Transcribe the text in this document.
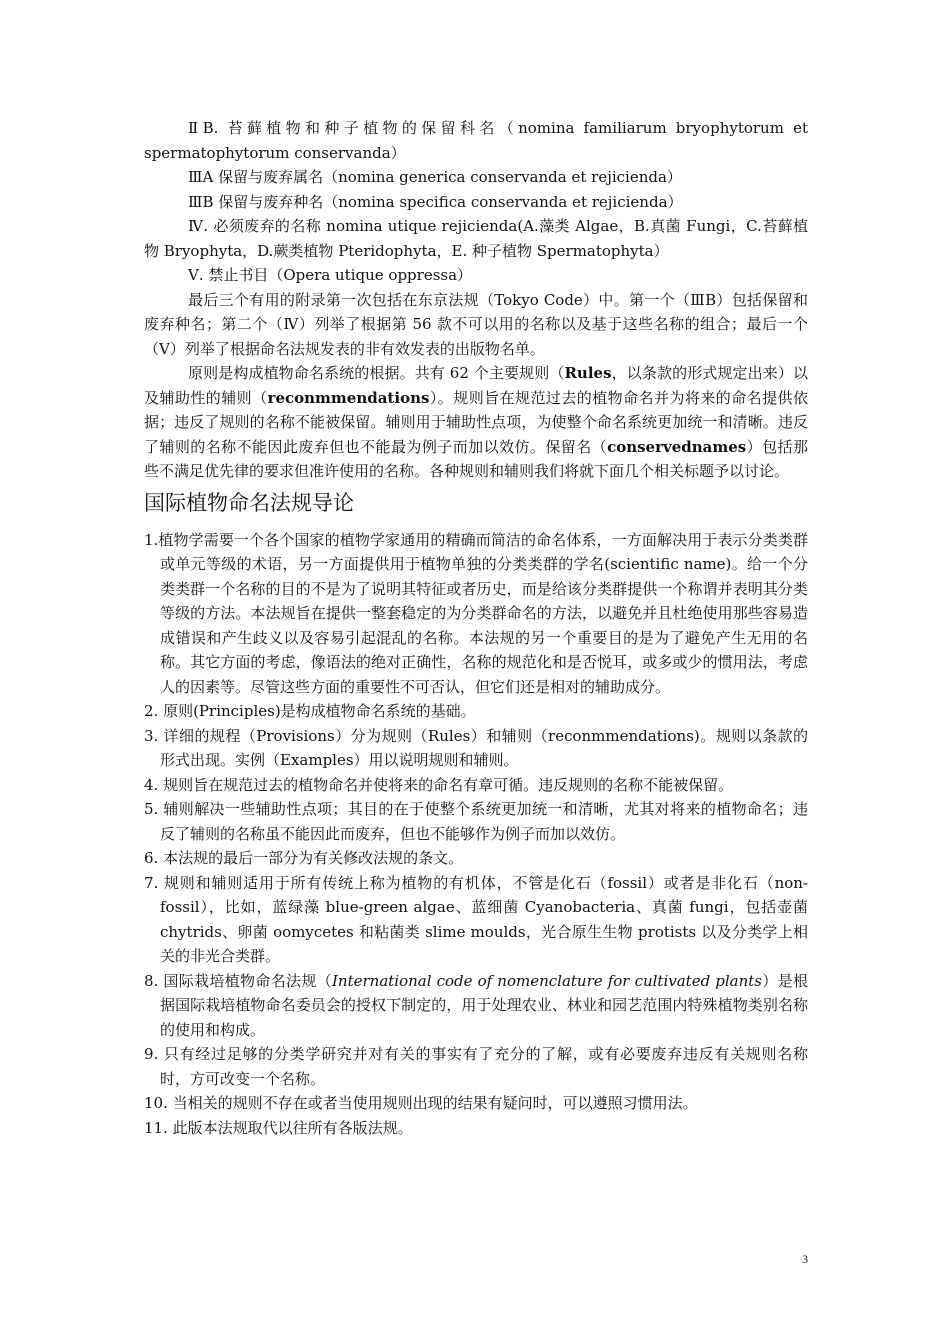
ⅡB. 苔藓植物和种子植物的保留科名（nomina familiarum bryophytorum et spermatophytorum conservanda）

ⅢA 保留与废弃属名（nomina generica conservanda et rejicienda）

ⅢB 保留与废弃种名（nomina specifica conservanda et rejicienda）

Ⅳ. 必须废弃的名称 nomina utique rejicienda(A.藻类 Algae，B.真菌 Fungi，C.苔藓植物 Bryophyta，D.蕨类植物 Pteridophyta，E. 种子植物 Spermatophyta）

Ⅴ. 禁止书目（Opera utique oppressa）

最后三个有用的附录第一次包括在东京法规（Tokyo Code）中。第一个（ⅢB）包括保留和废弃种名；第二个（Ⅳ）列举了根据第 56 款不可以用的名称以及基于这些名称的组合；最后一个（Ⅴ）列举了根据命名法规发表的非有效发表的出版物名单。

原则是构成植物命名系统的根据。共有 62 个主要规则（Rules，以条款的形式规定出来）以及辅助性的辅则（reconmmendations）。规则旨在规范过去的植物命名并为将来的命名提供依据；违反了规则的名称不能被保留。辅则用于辅助性点项，为使整个命名系统更加统一和清晰。违反了辅则的名称不能因此废弃但也不能最为例子而加以效仿。保留名（conservednames）包括那些不满足优先律的要求但准许使用的名称。各种规则和辅则我们将就下面几个相关标题予以讨论。

国际植物命名法规导论
1.植物学需要一个各个国家的植物学家通用的精确而简洁的命名体系，一方面解决用于表示分类类群或单元等级的术语，另一方面提供用于植物单独的分类类群的学名(scientific name)。给一个分类类群一个名称的目的不是为了说明其特征或者历史，而是给该分类群提供一个称谓并表明其分类等级的方法。本法规旨在提供一整套稳定的为分类群命名的方法，以避免并且杜绝使用那些容易造成错误和产生歧义以及容易引起混乱的名称。本法规的另一个重要目的是为了避免产生无用的名称。其它方面的考虑，像语法的绝对正确性，名称的规范化和是否悦耳，或多或少的惯用法，考虑人的因素等。尽管这些方面的重要性不可否认，但它们还是相对的辅助成分。
2. 原则(Principles)是构成植物命名系统的基础。
3. 详细的规程（Provisions）分为规则（Rules）和辅则（reconmmendations)。规则以条款的形式出现。实例（Examples）用以说明规则和辅则。
4. 规则旨在规范过去的植物命名并使将来的命名有章可循。违反规则的名称不能被保留。
5. 辅则解决一些辅助性点项；其目的在于使整个系统更加统一和清晰，尤其对将来的植物命名；违反了辅则的名称虽不能因此而废弃，但也不能够作为例子而加以效仿。
6. 本法规的最后一部分为有关修改法规的条文。
7. 规则和辅则适用于所有传统上称为植物的有机体，不管是化石（fossil）或者是非化石（non-fossil），比如，蓝绿藻 blue-green algae、蓝细菌 Cyanobacteria、真菌 fungi，包括壶菌 chytrids、卵菌 oomycetes 和粘菌类 slime moulds，光合原生生物 protists 以及分类学上相关的非光合类群。
8. 国际栽培植物命名法规（International code of nomenclature for cultivated plants）是根据国际栽培植物命名委员会的授权下制定的，用于处理农业、林业和园艺范围内特殊植物类别名称的使用和构成。
9. 只有经过足够的分类学研究并对有关的事实有了充分的了解，或有必要废弃违反有关规则名称时，方可改变一个名称。
10. 当相关的规则不存在或者当使用规则出现的结果有疑问时，可以遵照习惯用法。
11. 此版本法规取代以往所有各版法规。
3
